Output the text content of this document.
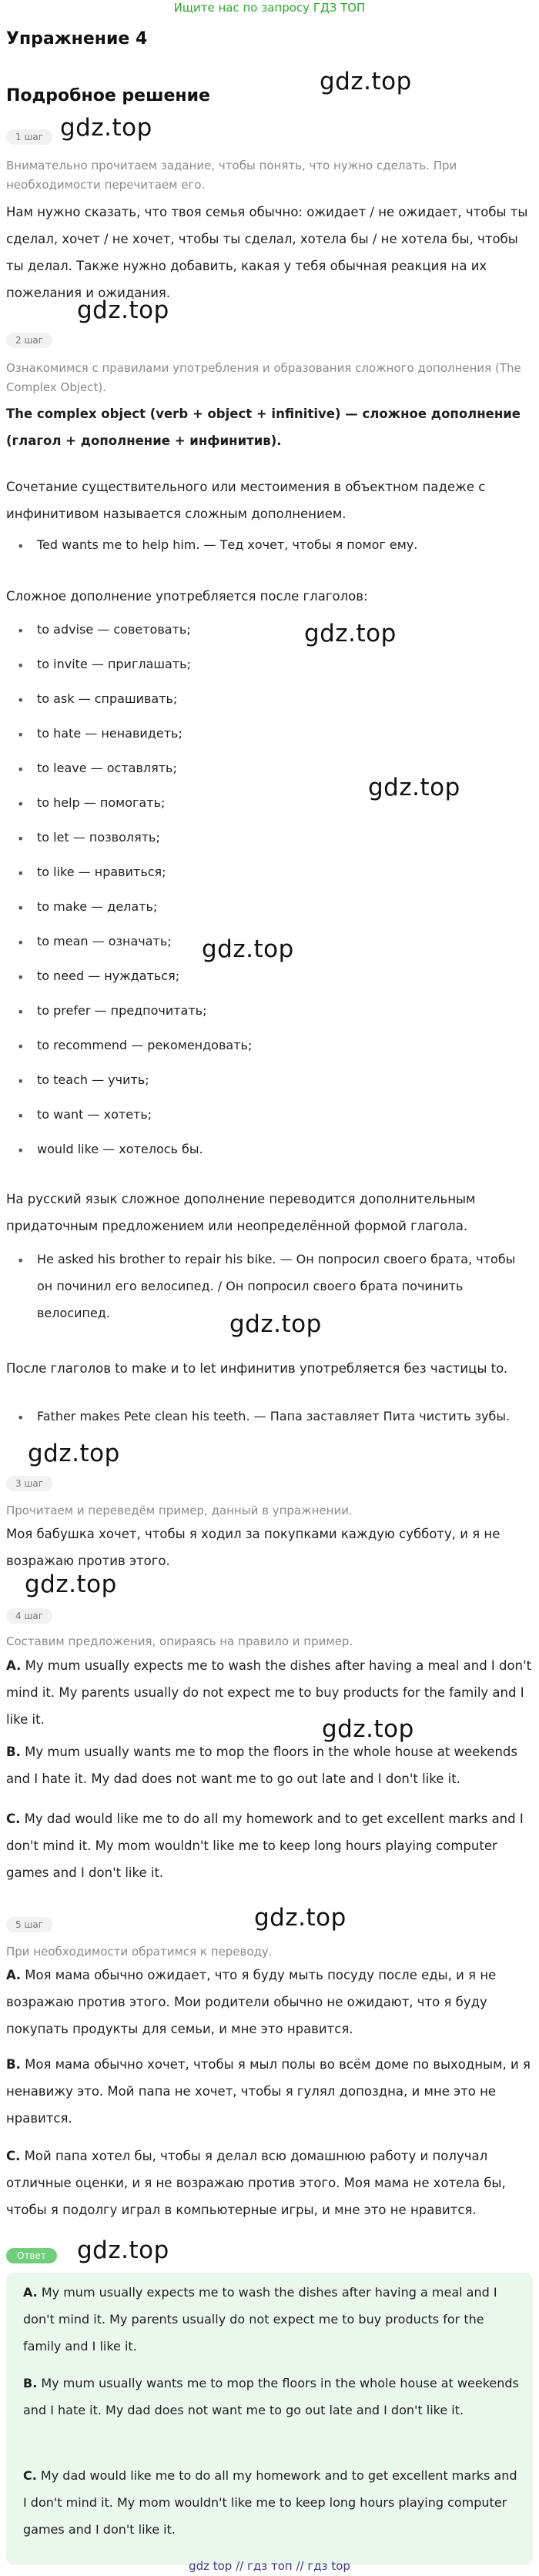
Ищите нас по запросу ГДЗ ТОП
Упражнение 4
Подробное решение
gdz.top
gdz.top
gdz.top
gdz.top
gdz.top
gdz.top
gdz.top
gdz.top
gdz.top
gdz.top
gdz.top
gdz.top
1 шаг
Внимательно прочитаем задание, чтобы понять, что нужно сделать. При необходимости перечитаем его.
Нам нужно сказать, что твоя семья обычно: ожидает / не ожидает, чтобы ты сделал, хочет / не хочет, чтобы ты сделал, хотела бы / не хотела бы, чтобы ты делал. Также нужно добавить, какая у тебя обычная реакция на их пожелания и ожидания.
2 шаг
Ознакомимся с правилами употребления и образования сложного дополнения (The Complex Object).
The complex object (verb + object + infinitive) — сложное дополнение (глагол + дополнение + инфинитив).
Сочетание существительного или местоимения в объектном падеже с инфинитивом называется сложным дополнением.
• Ted wants me to help him. — Тед хочет, чтобы я помог ему.
Сложное дополнение употребляется после глаголов:
• to advise — советовать;
• to invite — приглашать;
• to ask — спрашивать;
• to hate — ненавидеть;
• to leave — оставлять;
• to help — помогать;
• to let — позволять;
• to like — нравиться;
• to make — делать;
• to mean — означать;
• to need — нуждаться;
• to prefer — предпочитать;
• to recommend — рекомендовать;
• to teach — учить;
• to want — хотеть;
• would like — хотелось бы.
На русский язык сложное дополнение переводится дополнительным придаточным предложением или неопределённой формой глагола.
• He asked his brother to repair his bike. — Он попросил своего брата, чтобы он починил его велосипед. / Он попросил своего брата починить велосипед.
После глаголов to make и to let инфинитив употребляется без частицы to.
• Father makes Pete clean his teeth. — Папа заставляет Пита чистить зубы.
3 шаг
Прочитаем и переведём пример, данный в упражнении.
Моя бабушка хочет, чтобы я ходил за покупками каждую субботу, и я не возражаю против этого.
4 шаг
Составим предложения, опираясь на правило и пример.
A. My mum usually expects me to wash the dishes after having a meal and I don't mind it. My parents usually do not expect me to buy products for the family and I like it.
B. My mum usually wants me to mop the floors in the whole house at weekends and I hate it. My dad does not want me to go out late and I don't like it.
C. My dad would like me to do all my homework and to get excellent marks and I don't mind it. My mom wouldn't like me to keep long hours playing computer games and I don't like it.
5 шаг
При необходимости обратимся к переводу.
А. Моя мама обычно ожидает, что я буду мыть посуду после еды, и я не возражаю против этого. Мои родители обычно не ожидают, что я буду покупать продукты для семьи, и мне это нравится.
В. Моя мама обычно хочет, чтобы я мыл полы во всём доме по выходным, и я ненавижу это. Мой папа не хочет, чтобы я гулял допоздна, и мне это не нравится.
С. Мой папа хотел бы, чтобы я делал всю домашнюю работу и получал отличные оценки, и я не возражаю против этого. Моя мама не хотела бы, чтобы я подолгу играл в компьютерные игры, и мне это не нравится.
Ответ
A. My mum usually expects me to wash the dishes after having a meal and I don't mind it. My parents usually do not expect me to buy products for the family and I like it.
B. My mum usually wants me to mop the floors in the whole house at weekends and I hate it. My dad does not want me to go out late and I don't like it.
C. My dad would like me to do all my homework and to get excellent marks and I don't mind it. My mom wouldn't like me to keep long hours playing computer games and I don't like it.
gdz top // гдз топ // гдз top
